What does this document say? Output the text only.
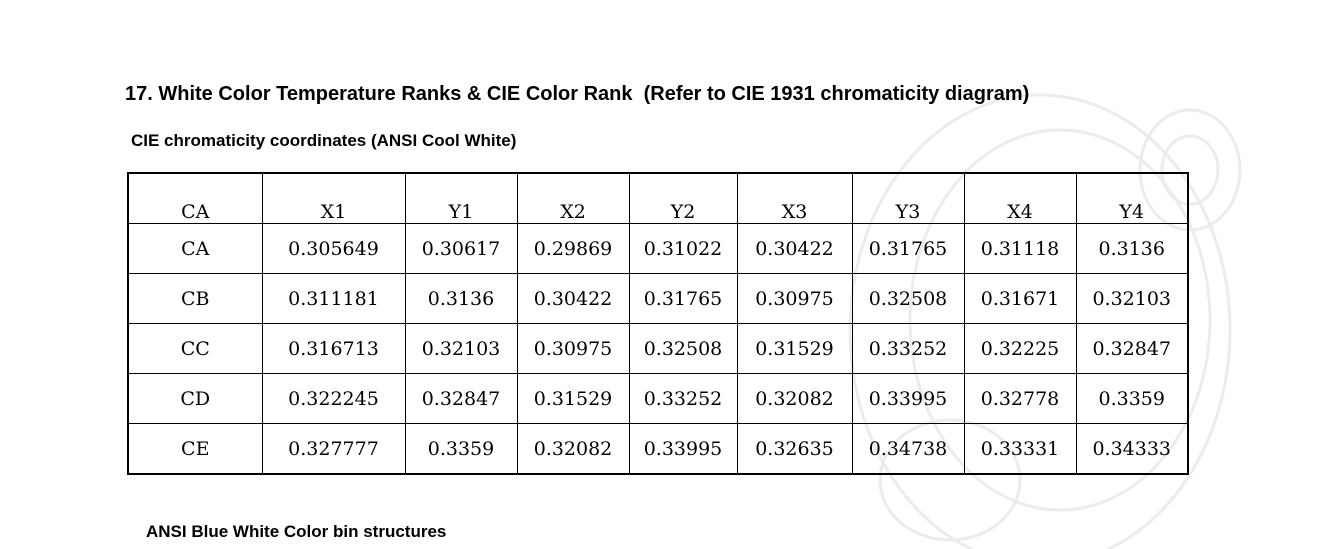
17. White Color Temperature Ranks & CIE Color Rank  (Refer to CIE 1931 chromaticity diagram)
CIE chromaticity coordinates (ANSI Cool White)
CA	X1	Y1	X2	Y2	X3	Y3	X4	Y4
CA	0.305649	0.30617	0.29869	0.31022	0.30422	0.31765	0.31118	0.3136
CB	0.311181	0.3136	0.30422	0.31765	0.30975	0.32508	0.31671	0.32103
CC	0.316713	0.32103	0.30975	0.32508	0.31529	0.33252	0.32225	0.32847
CD	0.322245	0.32847	0.31529	0.33252	0.32082	0.33995	0.32778	0.3359
CE	0.327777	0.3359	0.32082	0.33995	0.32635	0.34738	0.33331	0.34333
ANSI Blue White Color bin structures
